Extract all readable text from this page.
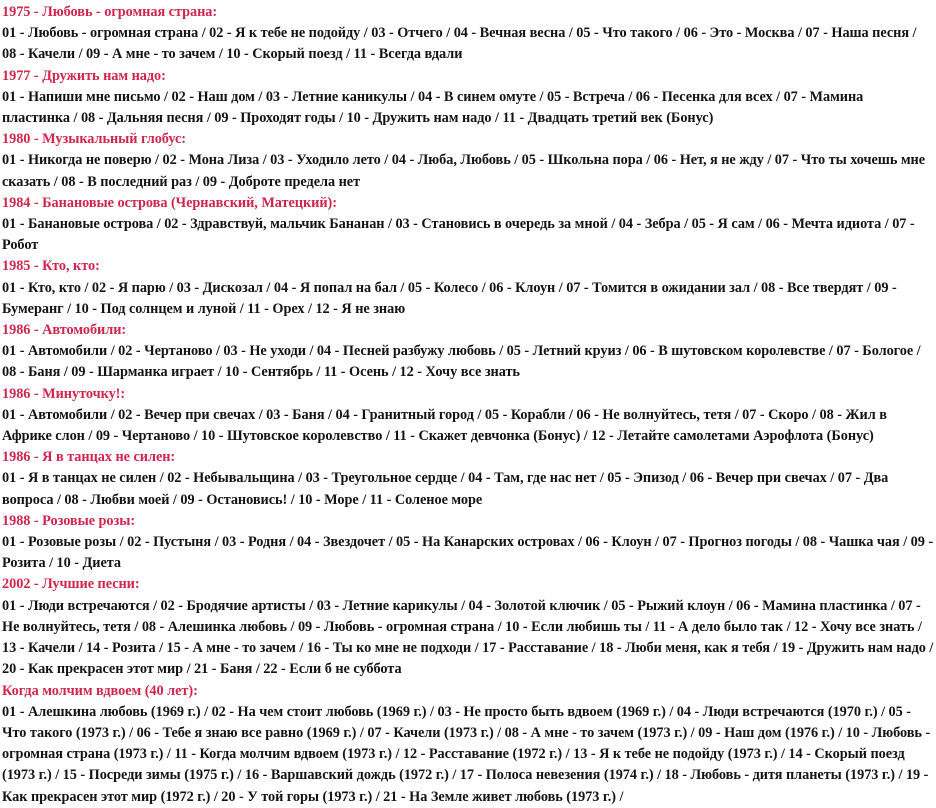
1975 - Любовь - огромная страна:

01 - Любовь - огромная страна / 02 - Я к тебе не подойду / 03 - Отчего / 04 - Вечная весна / 05 - Что такого / 06 - Это - Москва / 07 - Наша песня / 08 - Качели / 09 - А мне - то зачем / 10 - Скорый поезд / 11 - Всегда вдали

1977 - Дружить нам надо:

01 - Напиши мне письмо / 02 - Наш дом / 03 - Летние каникулы / 04 - В синем омуте / 05 - Встреча / 06 - Песенка для всех / 07 - Мамина пластинка / 08 - Дальняя песня / 09 - Проходят годы / 10 - Дружить нам надо / 11 - Двадцать третий век (Бонус)

1980 - Музыкальный глобус:

01 - Никогда не поверю / 02 - Мона Лиза / 03 - Уходило лето / 04 - Люба, Любовь / 05 - Школьна пора / 06 - Нет, я не жду / 07 - Что ты хочешь мне сказать / 08 - В последний раз / 09 - Доброте предела нет

1984 - Банановые острова (Чернавский, Матецкий):

01 - Банановые острова / 02 - Здравствуй, мальчик Бананан / 03 - Становись в очередь за мной / 04 - Зебра / 05 - Я сам / 06 - Мечта идиота / 07 - Робот

1985 - Кто, кто:

01 - Кто, кто / 02 - Я парю / 03 - Дискозал / 04 - Я попал на бал / 05 - Колесо / 06 - Клоун / 07 - Томится в ожидании зал / 08 - Все твердят / 09 - Бумеранг / 10 - Под солнцем и луной / 11 - Орех / 12 - Я не знаю

1986 - Автомобили:

01 - Автомобили / 02 - Чертаново / 03 - Не уходи / 04 - Песней разбужу любовь / 05 - Летний круиз / 06 - В шутовском королевстве / 07 - Бологое / 08 - Баня / 09 - Шарманка играет / 10 - Сентябрь / 11 - Осень / 12 - Хочу все знать

1986 - Минуточку!:

01 - Автомобили / 02 - Вечер при свечах / 03 - Баня / 04 - Гранитный город / 05 - Корабли / 06 - Не волнуйтесь, тетя / 07 - Скоро / 08 - Жил в Африке слон / 09 - Чертаново / 10 - Шутовское королевство / 11 - Скажет девчонка (Бонус) / 12 - Летайте самолетами Аэрофлота (Бонус)

1986 - Я в танцах не силен:

01 - Я в танцах не силен / 02 - Небывальщина / 03 - Треугольное сердце / 04 - Там, где нас нет / 05 - Эпизод / 06 - Вечер при свечах / 07 - Два вопроса / 08 - Любви моей / 09 - Остановись! / 10 - Море / 11 - Соленое море

1988 - Розовые розы:

01 - Розовые розы / 02 - Пустыня / 03 - Родня / 04 - Звездочет / 05 - На Канарских островах / 06 - Клоун / 07 - Прогноз погоды / 08 - Чашка чая / 09 - Розита / 10 - Диета

2002 - Лучшие песни:

01 - Люди встречаются / 02 - Бродячие артисты / 03 - Летние карикулы / 04 - Золотой ключик / 05 - Рыжий клоун / 06 - Мамина пластинка / 07 - Не волнуйтесь, тетя / 08 - Алешинка любовь / 09 - Любовь - огромная страна / 10 - Если любишь ты / 11 - А дело было так / 12 - Хочу все знать / 13 - Качели / 14 - Розита / 15 - А мне - то зачем / 16 - Ты ко мне не подходи / 17 - Расставание / 18 - Люби меня, как я тебя / 19 - Дружить нам надо / 20 - Как прекрасен этот мир / 21 - Баня / 22 - Если б не суббота

Когда молчим вдвоем (40 лет):

01 - Алешкина любовь (1969 г.) / 02 - На чем стоит любовь (1969 г.) / 03 - Не просто быть вдвоем (1969 г.) / 04 - Люди встречаются (1970 г.) / 05 - Что такого (1973 г.) / 06 - Тебе я знаю все равно (1969 г.) / 07 - Качели (1973 г.) / 08 - А мне - то зачем (1973 г.) / 09 - Наш дом (1976 г.) / 10 - Любовь - огромная страна (1973 г.) / 11 - Когда молчим вдвоем (1973 г.) / 12 - Расставание (1972 г.) / 13 - Я к тебе не подойду (1973 г.) / 14 - Скорый поезд (1973 г.) / 15 - Посреди зимы (1975 г.) / 16 - Варшавский дождь (1972 г.) / 17 - Полоса невезения (1974 г.) / 18 - Любовь - дитя планеты (1973 г.) / 19 - Как прекрасен этот мир (1972 г.) / 20 - У той горы (1973 г.) / 21 - На Земле живет любовь (1973 г.) /
